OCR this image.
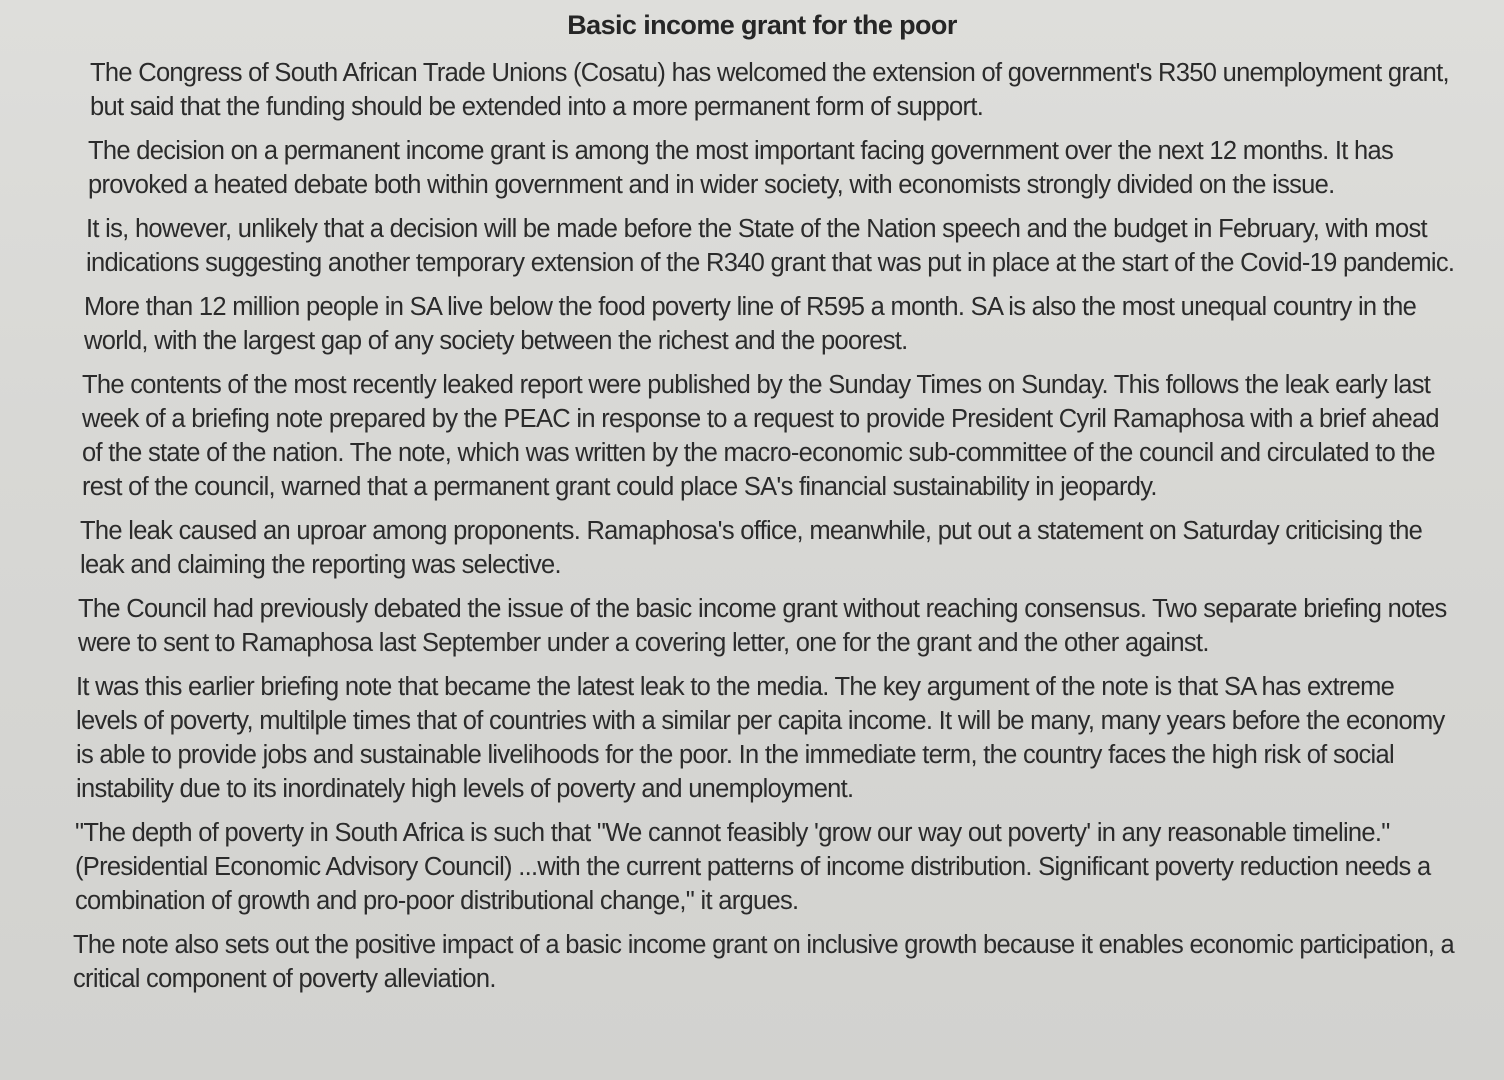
Basic income grant for the poor

The Congress of South African Trade Unions (Cosatu) has welcomed the extension of government's R350 unemployment grant, but said that the funding should be extended into a more permanent form of support.

The decision on a permanent income grant is among the most important facing government over the next 12 months. It has provoked a heated debate both within government and in wider society, with economists strongly divided on the issue.

It is, however, unlikely that a decision will be made before the State of the Nation speech and the budget in February, with most indications suggesting another temporary extension of the R340 grant that was put in place at the start of the Covid-19 pandemic.

More than 12 million people in SA live below the food poverty line of R595 a month. SA is also the most unequal country in the world, with the largest gap of any society between the richest and the poorest.

The contents of the most recently leaked report were published by the Sunday Times on Sunday. This follows the leak early last week of a briefing note prepared by the PEAC in response to a request to provide President Cyril Ramaphosa with a brief ahead of the state of the nation. The note, which was written by the macro-economic sub-committee of the council and circulated to the rest of the council, warned that a permanent grant could place SA's financial sustainability in jeopardy.

The leak caused an uproar among proponents. Ramaphosa's office, meanwhile, put out a statement on Saturday criticising the leak and claiming the reporting was selective.

The Council had previously debated the issue of the basic income grant without reaching consensus. Two separate briefing notes were to sent to Ramaphosa last September under a covering letter, one for the grant and the other against.

It was this earlier briefing note that became the latest leak to the media. The key argument of the note is that SA has extreme levels of poverty, multilple times that of countries with a similar per capita income. It will be many, many years before the economy is able to provide jobs and sustainable livelihoods for the poor. In the immediate term, the country faces the high risk of social instability due to its inordinately high levels of poverty and unemployment.

"The depth of poverty in South Africa is such that "We cannot feasibly 'grow our way out poverty' in any reasonable timeline." (Presidential Economic Advisory Council) ...with the current patterns of income distribution. Significant poverty reduction needs a combination of growth and pro-poor distributional change," it argues.

The note also sets out the positive impact of a basic income grant on inclusive growth because it enables economic participation, a critical component of poverty alleviation.
